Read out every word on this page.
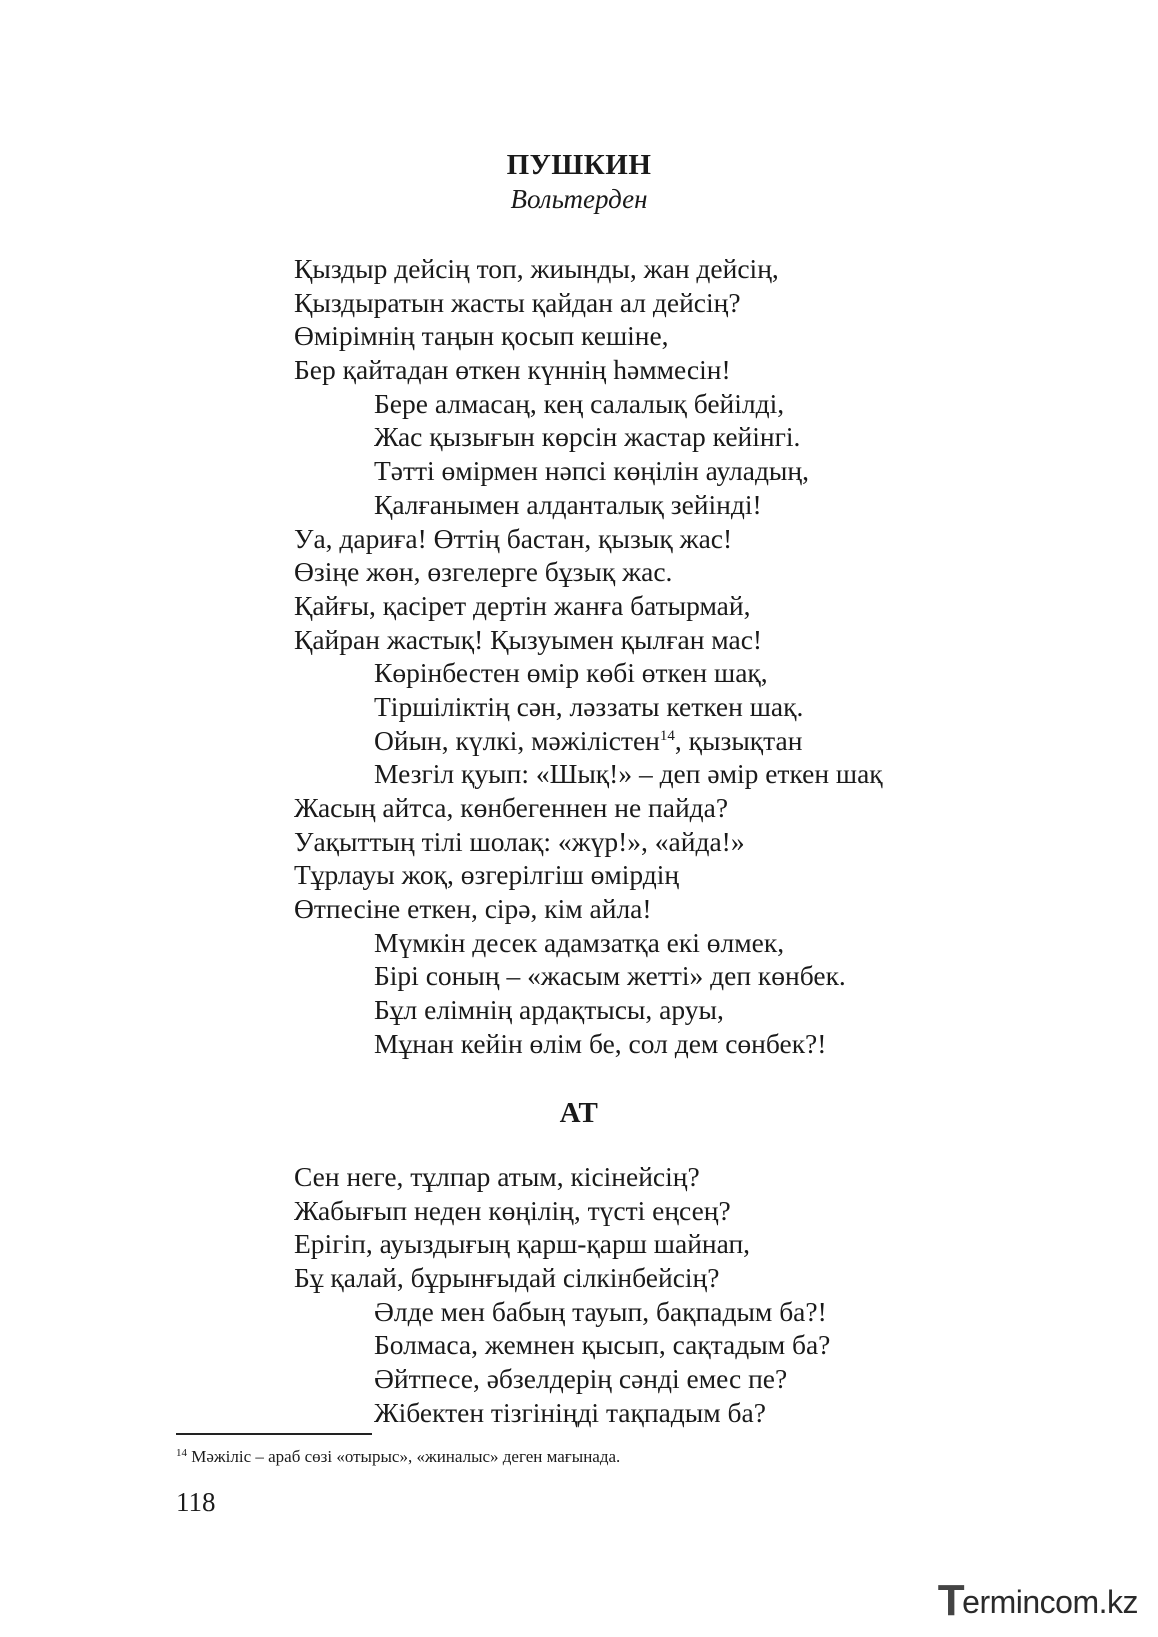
ПУШКИН
Вольтерден
Қыздыр дейсің топ, жиынды, жан дейсің,
Қыздыратын жасты қайдан ал дейсің?
Өмірімнің таңын қосып кешіне,
Бер қайтадан өткен күннің һәммесін!
Бере алмасаң, кең салалық бейілді,
Жас қызығын көрсін жастар кейінгі.
Тәтті өмірмен нәпсі көңілін ауладың,
Қалғанымен алданталық зейінді!
Уа, дариға! Өттің бастан, қызық жас!
Өзіңе жөн, өзгелерге бұзық жас.
Қайғы, қасірет дертін жанға батырмай,
Қайран жастық! Қызуымен қылған мас!
Көрінбестен өмір көбі өткен шақ,
Тіршіліктің сән, ләззаты кеткен шақ.
Ойын, күлкі, мәжілістен$^{14}$, қызықтан
Мезгіл қуып: «Шық!» – деп әмір еткен шақ
Жасың айтса, көнбегеннен не пайда?
Уақыттың тілі шолақ: «жүр!», «айда!»
Тұрлауы жоқ, өзгерілгіш өмірдің
Өтпесіне еткен, сірә, кім айла!
Мүмкін десек адамзатқа екі өлмек,
Бірі соның – «жасым жетті» деп көнбек.
Бұл елімнің ардақтысы, аруы,
Мұнан кейін өлім бе, сол дем сөнбек?!
АТ
Сен неге, тұлпар атым, кісінейсің?
Жабығып неден көңілің, түсті еңсең?
Ерігіп, ауыздығың қарш-қарш шайнап,
Бұ қалай, бұрынғыдай сілкінбейсің?
Әлде мен бабың тауып, бақпадым ба?!
Болмаса, жемнен қысып, сақтадым ба?
Әйтпесе, әбзелдерің сәнді емес пе?
Жібектен тізгініңді тақпадым ба?
$^{14}$ Мәжіліс – араб сөзі «отырыс», «жиналыс» деген мағынада.
118
T
ermincom.kz
